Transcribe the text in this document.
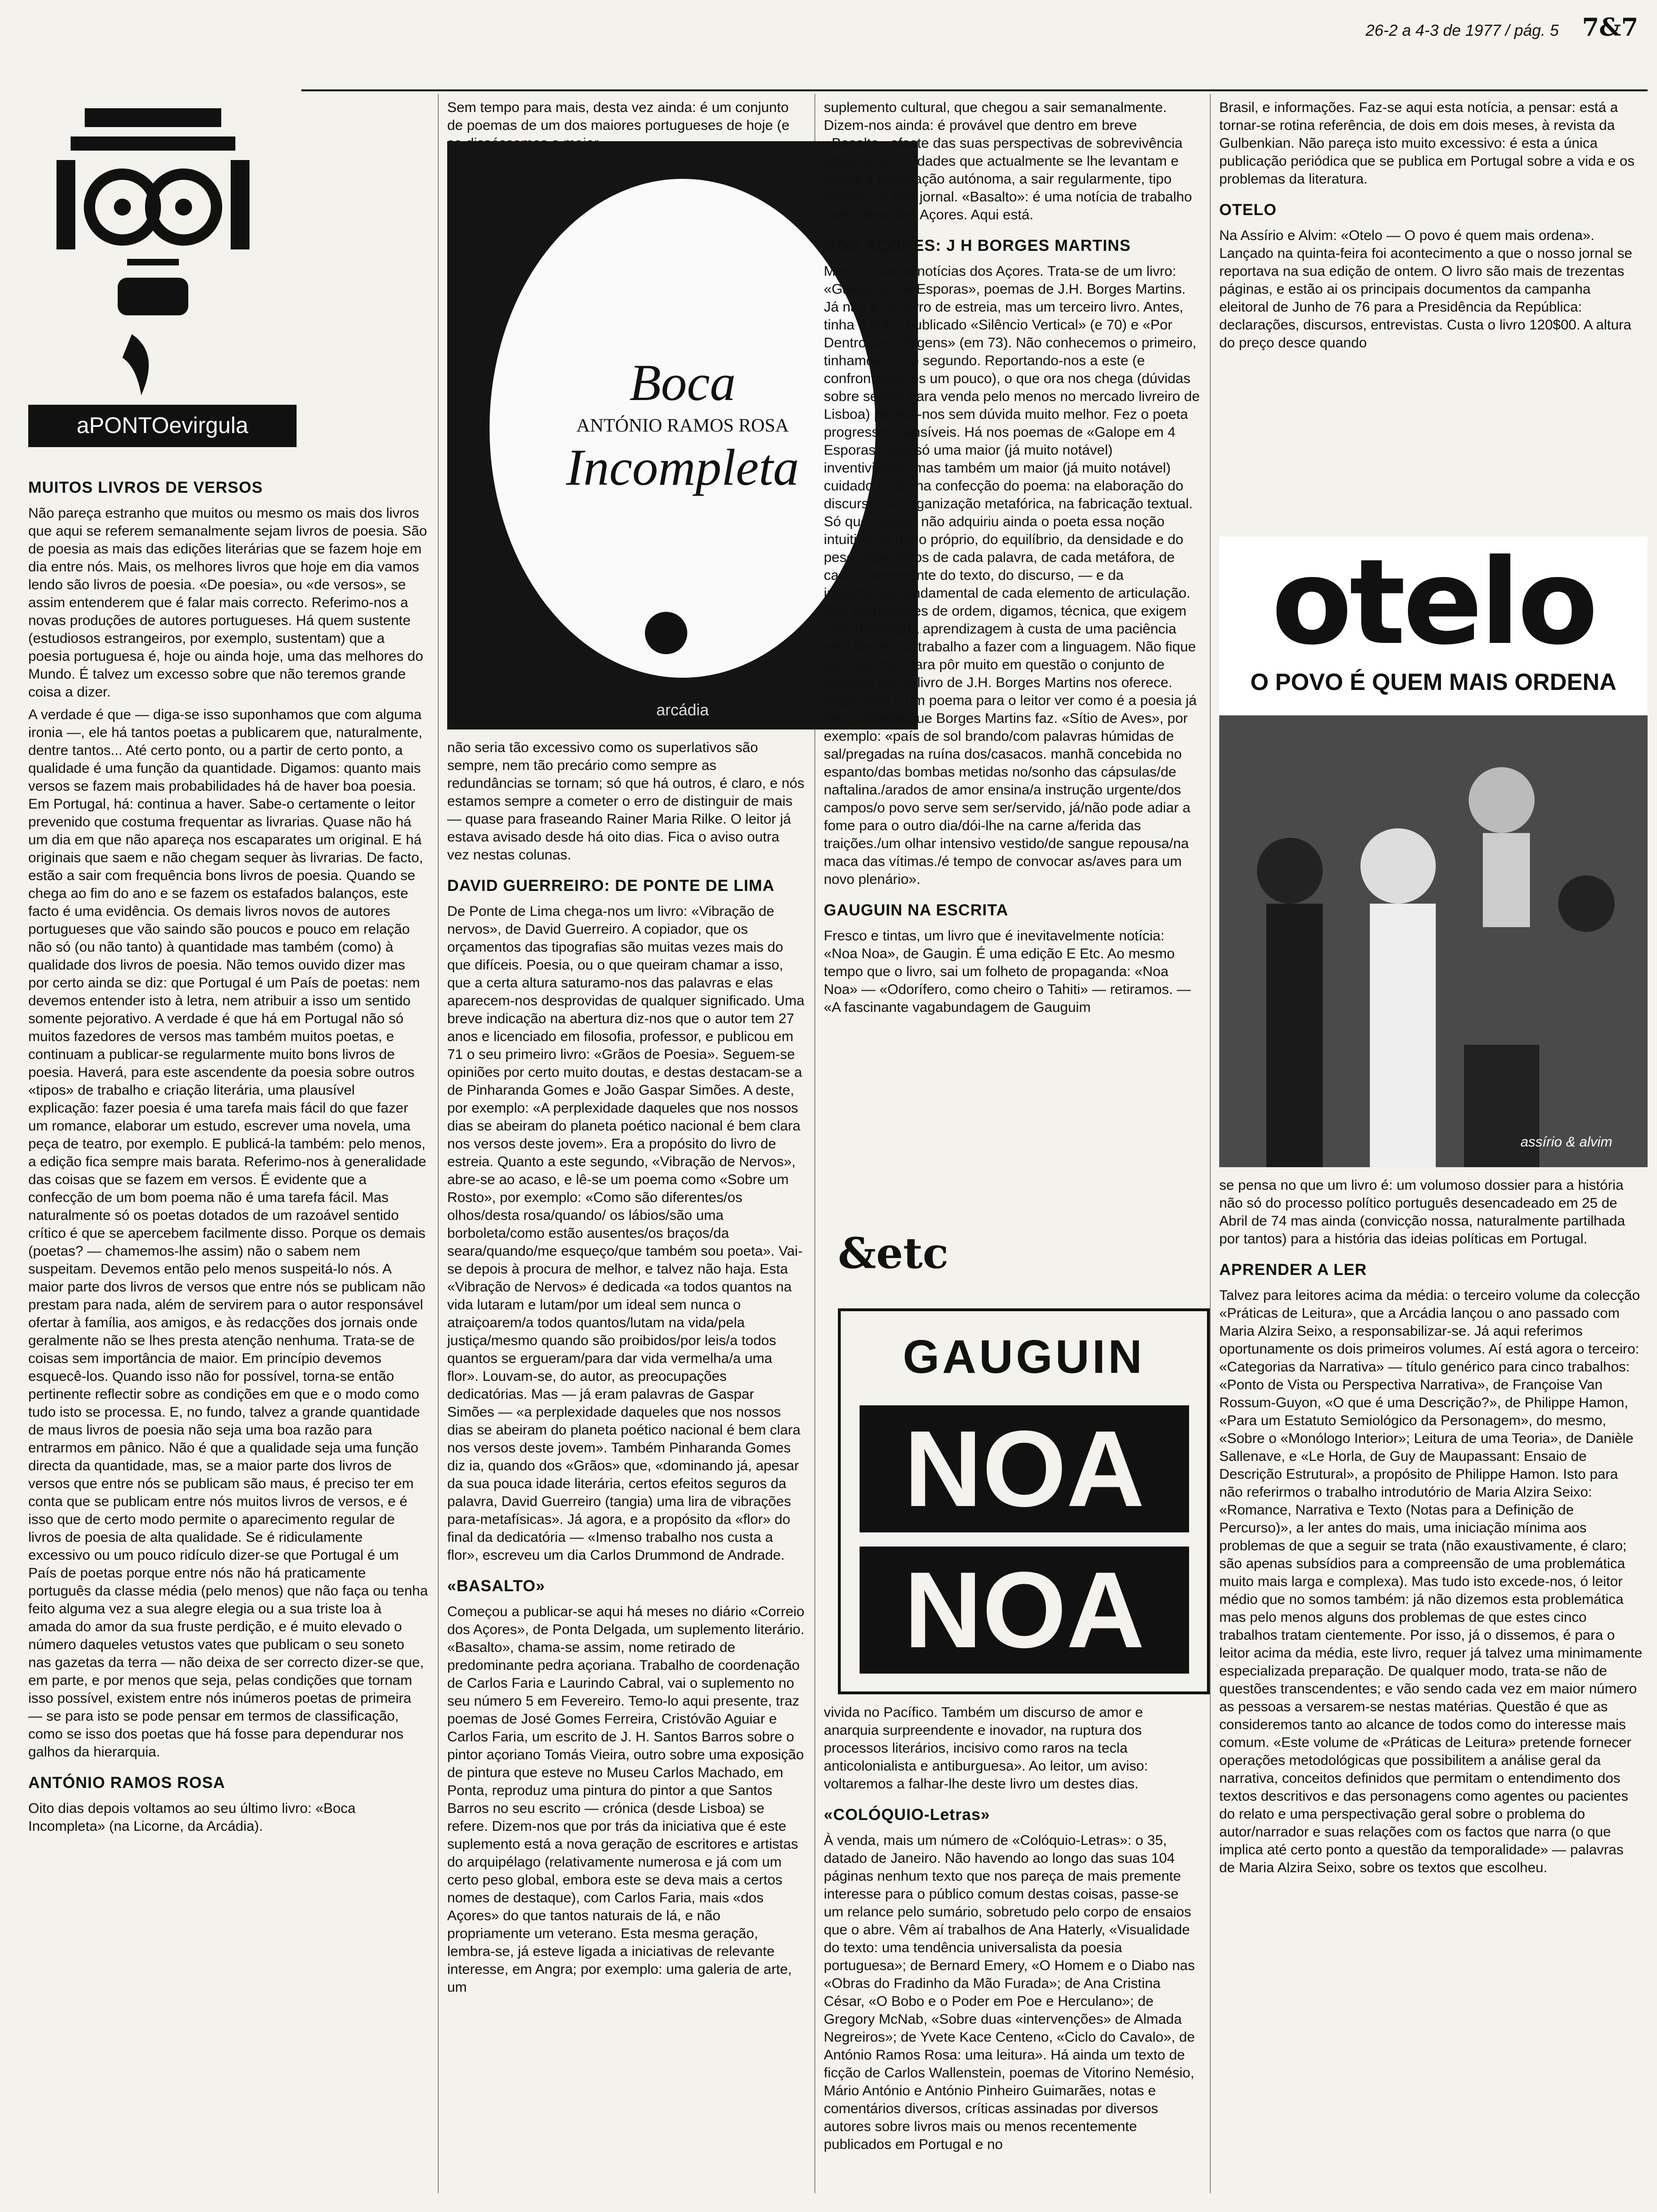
26-2 a 4-3 de 1977 / pág. 5 7&7
aPONTOevirgula
MUITOS LIVROS DE VERSOS

Não pareça estranho que muitos ou mesmo os mais dos livros que aqui se referem semanalmente sejam livros de poesia. São de poesia as mais das edições literárias que se fazem hoje em dia entre nós. Mais, os melhores livros que hoje em dia vamos lendo são livros de poesia. «De poesia», ou «de versos», se assim entenderem que é falar mais correcto. Referimo-nos a novas produções de autores portugueses. Há quem sustente (estudiosos estrangeiros, por exemplo, sustentam) que a poesia portuguesa é, hoje ou ainda hoje, uma das melhores do Mundo. É talvez um excesso sobre que não teremos grande coisa a dizer.

A verdade é que — diga-se isso suponhamos que com alguma ironia —, ele há tantos poetas a publicarem que, naturalmente, dentre tantos... Até certo ponto, ou a partir de certo ponto, a qualidade é uma função da quantidade. Digamos: quanto mais versos se fazem mais probabilidades há de haver boa poesia. Em Portugal, há: continua a haver. Sabe-o certamente o leitor prevenido que costuma frequentar as livrarias. Quase não há um dia em que não apareça nos escaparates um original. E há originais que saem e não chegam sequer às livrarias. De facto, estão a sair com frequência bons livros de poesia. Quando se chega ao fim do ano e se fazem os estafados balanços, este facto é uma evidência. Os demais livros novos de autores portugueses que vão saindo são poucos e pouco em relação não só (ou não tanto) à quantidade mas também (como) à qualidade dos livros de poesia. Não temos ouvido dizer mas por certo ainda se diz: que Portugal é um País de poetas: nem devemos entender isto à letra, nem atribuir a isso um sentido somente pejorativo. A verdade é que há em Portugal não só muitos fazedores de versos mas também muitos poetas, e continuam a publicar-se regularmente muito bons livros de poesia. Haverá, para este ascendente da poesia sobre outros «tipos» de trabalho e criação literária, uma plausível explicação: fazer poesia é uma tarefa mais fácil do que fazer um romance, elaborar um estudo, escrever uma novela, uma peça de teatro, por exemplo. E publicá-la também: pelo menos, a edição fica sempre mais barata. Referimo-nos à generalidade das coisas que se fazem em versos. É evidente que a confecção de um bom poema não é uma tarefa fácil. Mas naturalmente só os poetas dotados de um razoável sentido crítico é que se apercebem facilmente disso. Porque os demais (poetas? — chamemos-lhe assim) não o sabem nem suspeitam. Devemos então pelo menos suspeitá-lo nós. A maior parte dos livros de versos que entre nós se publicam não prestam para nada, além de servirem para o autor responsável ofertar à família, aos amigos, e às redacções dos jornais onde geralmente não se lhes presta atenção nenhuma. Trata-se de coisas sem importância de maior. Em princípio devemos esquecê-los. Quando isso não for possível, torna-se então pertinente reflectir sobre as condições em que e o modo como tudo isto se processa. E, no fundo, talvez a grande quantidade de maus livros de poesia não seja uma boa razão para entrarmos em pânico. Não é que a qualidade seja uma função directa da quantidade, mas, se a maior parte dos livros de versos que entre nós se publicam são maus, é preciso ter em conta que se publicam entre nós muitos livros de versos, e é isso que de certo modo permite o aparecimento regular de livros de poesia de alta qualidade. Se é ridiculamente excessivo ou um pouco ridículo dizer-se que Portugal é um País de poetas porque entre nós não há praticamente português da classe média (pelo menos) que não faça ou tenha feito alguma vez a sua alegre elegia ou a sua triste loa à amada do amor da sua fruste perdição, e é muito elevado o número daqueles vetustos vates que publicam o seu soneto nas gazetas da terra — não deixa de ser correcto dizer-se que, em parte, e por menos que seja, pelas condições que tornam isso possível, existem entre nós inúmeros poetas de primeira — se para isto se pode pensar em termos de classificação, como se isso dos poetas que há fosse para dependurar nos galhos da hierarquia.

ANTÓNIO RAMOS ROSA

Oito dias depois voltamos ao seu último livro: «Boca Incompleta» (na Licorne, da Arcádia).

Sem tempo para mais, desta vez ainda: é um conjunto de poemas de um dos maiores portugueses de hoje (e

Boca
ANTÓNIO RAMOS ROSA
Incompleta
arcádia

não seria tão excessivo como os superlativos são sempre, nem tão precário como sempre as redundâncias se tornam; só que há outros, é claro, e nós estamos sempre a cometer o erro de distinguir de mais — quase para fraseando Rainer Maria Rilke. O leitor já estava avisado desde há oito dias. Fica o aviso outra vez nestas colunas.

DAVID GUERREIRO: DE PONTE DE LIMA

De Ponte de Lima chega-nos um livro: «Vibração de nervos», de David Guerreiro. A copiador, que os orçamentos das tipografias são muitas vezes mais do que difíceis. Poesia, ou o que queiram chamar a isso, que a certa altura saturamo-nos das palavras e elas aparecem-nos desprovidas de qualquer significado. Uma breve indicação na abertura diz-nos que o autor tem 27 anos e licenciado em filosofia, professor, e publicou em 71 o seu primeiro livro: «Grãos de Poesia». Seguem-se opiniões por certo muito doutas, e destas destacam-se a de Pinharanda Gomes e João Gaspar Simões. A deste, por exemplo: «A perplexidade daqueles que nos nossos dias se abeiram do planeta poético nacional é bem clara nos versos deste jovem». Era a propósito do livro de estreia. Quanto a este segundo, «Vibração de Nervos», abre-se ao acaso, e lê-se um poema como «Sobre um Rosto», por exemplo: «Como são diferentes/os olhos/desta rosa/quando/ os lábios/são uma borboleta/como estão ausentes/os braços/da seara/quando/me esqueço/que também sou poeta». Vai-se depois à procura de melhor, e talvez não haja. Esta «Vibração de Nervos» é dedicada «a todos quantos na vida lutaram e lutam/por um ideal sem nunca o atraiçoarem/a todos quantos/lutam na vida/pela justiça/mesmo quando são proibidos/por leis/a todos quantos se ergueram/para dar vida vermelha/a uma flor». Louvam-se, do autor, as preocupações dedicatórias. Mas — já eram palavras de Gaspar Simões — «a perplexidade daqueles que nos nossos dias se abeiram do planeta poético nacional é bem clara nos versos deste jovem». Também Pinharanda Gomes diz ia, quando dos «Grãos» que, «dominando já, apesar da sua pouca idade literária, certos efeitos seguros da palavra, David Guerreiro (tangia) uma lira de vibrações para-metafísicas». Já agora, e a propósito da «flor» do final da dedicatória — «Imenso trabalho nos custa a flor», escreveu um dia Carlos Drummond de Andrade.

«BASALTO»

Começou a publicar-se aqui há meses no diário «Correio dos Açores», de Ponta Delgada, um suplemento literário. «Basalto», chama-se assim, nome retirado de predominante pedra açoriana. Trabalho de coordenação de Carlos Faria e Laurindo Cabral, vai o suplemento no seu número 5 em Fevereiro. Temo-lo aqui presente, traz poemas de José Gomes Ferreira, Cristóvão Aguiar e Carlos Faria, um escrito de J. H. Santos Barros sobre o pintor açoriano Tomás Vieira, outro sobre uma exposição de pintura que esteve no Museu Carlos Machado, em Ponta, reproduz uma pintura do pintor a que Santos Barros no seu escrito — crónica (desde Lisboa) se refere. Dizem-nos que por trás da iniciativa que é este suplemento está a nova geração de escritores e artistas do arquipélago (relativamente numerosa e já com um certo peso global, embora este se deva mais a certos nomes de destaque), com Carlos Faria, mais «dos Açores» do que tantos naturais de lá, e não propriamente um veterano. Esta mesma geração, lembra-se, já esteve ligada a iniciativas de relevante interesse, em Angra; por exemplo: uma galeria de arte, um

suplemento cultural, que chegou a sair semanalmente. Dizem-nos ainda: é provável que dentro em breve «Basalto» afaste das suas perspectivas de sobrevivência algumas dificuldades que actualmente se lhe levantam e passe a publicação autónoma, a sair regularmente, tipo revista, ou tipo jornal. «Basalto»: é uma notícia de trabalho que chega dos Açores. Aqui está.

DOS AÇORES: J H BORGES MARTINS

Mas há outras notícias dos Açores. Trata-se de um livro: «Galope em 4 Esporas», poemas de J.H. Borges Martins. Já não é um livro de estreia, mas um terceiro livro. Antes, tinha o autor publicado «Silêncio Vertical» (e 70) e «Por Dentro das Viagens» (em 73). Não conhecemos o primeiro, tinhamos lido o segundo. Reportando-nos a este (e confrontando-os um pouco), o que ora nos chega (dúvidas sobre se virá para venda pelo menos no mercado livreiro de Lisboa) parece-nos sem dúvida muito melhor. Fez o poeta progressos sensíveis. Há nos poemas de «Galope em 4 Esporas» não só uma maior (já muito notável) inventividade, mas também um maior (já muito notável) cuidado posto na confecção do poema: na elaboração do discurso, na organização metafórica, na fabricação textual. Só que, talvez, não adquiriu ainda o poeta essa noção intuitiva do ritmo próprio, do equilíbrio, da densidade e do peso específicos de cada palavra, de cada metáfora, de cada componente do texto, do discurso, — e da importância fundamental de cada elemento de articulação. São pormenores de ordem, digamos, técnica, que exigem uma demorada aprendizagem à custa de uma paciência sem limites no trabalho a fazer com a linguagem. Não fique isto aqui dito para pôr muito em questão o conjunto de poemas que o livro de J.H. Borges Martins nos oferece. Fique aqui é um poema para o leitor ver como é a poesia já de qualidade que Borges Martins faz. «Sítio de Aves», por exemplo: «país de sol brando/com palavras húmidas de sal/pregadas na ruína dos/casacos. manhã concebida no espanto/das bombas metidas no/sonho das cápsulas/de naftalina./arados de amor ensina/a instrução urgente/dos campos/o povo serve sem ser/servido, já/não pode adiar a fome para o outro dia/dói-lhe na carne a/ferida das traições./um olhar intensivo vestido/de sangue repousa/na maca das vítimas./é tempo de convocar as/aves para um novo plenário».

GAUGUIN NA ESCRITA

Fresco e tintas, um livro que é inevitavelmente notícia: «Noa Noa», de Gaugin. É uma edição E Etc. Ao mesmo tempo que o livro, sai um folheto de propaganda: «Noa Noa» — «Odorífero, como cheiro o Tahiti» — retiramos. — «A fascinante vagabundagem de Gauguim

&etc
GAUGUIN
NOA
NOA

vivida no Pacífico. Também um discurso de amor e anarquia surpreendente e inovador, na ruptura dos processos literários, incisivo como raros na tecla anticolonialista e antiburguesa». Ao leitor, um aviso: voltaremos a falhar-lhe deste livro um destes dias.

«COLÓQUIO-Letras»

À venda, mais um número de «Colóquio-Letras»: o 35, datado de Janeiro. Não havendo ao longo das suas 104 páginas nenhum texto que nos pareça de mais premente interesse para o público comum destas coisas, passe-se um relance pelo sumário, sobretudo pelo corpo de ensaios que o abre. Vêm aí trabalhos de Ana Haterly, «Visualidade do texto: uma tendência universalista da poesia portuguesa»; de Bernard Emery, «O Homem e o Diabo nas «Obras do Fradinho da Mão Furada»; de Ana Cristina César, «O Bobo e o Poder em Poe e Herculano»; de Gregory McNab, «Sobre duas «intervenções» de Almada Negreiros»; de Yvete Kace Centeno, «Ciclo do Cavalo», de António Ramos Rosa: uma leitura». Há ainda um texto de ficção de Carlos Wallenstein, poemas de Vitorino Nemésio, Mário António e António Pinheiro Guimarães, notas e comentários diversos, críticas assinadas por diversos autores sobre livros mais ou menos recentemente publicados em Portugal e no

Brasil, e informações. Faz-se aqui esta notícia, a pensar: está a tornar-se rotina referência, de dois em dois meses, à revista da Gulbenkian. Não pareça isto muito excessivo: é esta a única publicação periódica que se publica em Portugal sobre a vida e os problemas da literatura.

OTELO

Na Assírio e Alvim: «Otelo — O povo é quem mais ordena». Lançado na quinta-feira foi acontecimento a que o nosso jornal se reportava na sua edição de ontem. O livro são mais de trezentas páginas, e estão ai os principais documentos da campanha eleitoral de Junho de 76 para a Presidência da República: declarações, discursos, entrevistas. Custa o livro 120$00. A altura do preço desce quando

otelo
O POVO É QUEM MAIS ORDENA
assírio & alvim

se pensa no que um livro é: um volumoso dossier para a história não só do processo político português desencadeado em 25 de Abril de 74 mas ainda (convicção nossa, naturalmente partilhada por tantos) para a história das ideias políticas em Portugal.

APRENDER A LER

Talvez para leitores acima da média: o terceiro volume da colecção «Práticas de Leitura», que a Arcádia lançou o ano passado com Maria Alzira Seixo, a responsabilizar-se. Já aqui referimos oportunamente os dois primeiros volumes. Aí está agora o terceiro: «Categorias da Narrativa» — título genérico para cinco trabalhos: «Ponto de Vista ou Perspectiva Narrativa», de Françoise Van Rossum-Guyon, «O que é uma Descrição?», de Philippe Hamon, «Para um Estatuto Semiológico da Personagem», do mesmo, «Sobre o «Monólogo Interior»; Leitura de uma Teoria», de Danièle Sallenave, e «Le Horla, de Guy de Maupassant: Ensaio de Descrição Estrutural», a propósito de Philippe Hamon. Isto para não referirmos o trabalho introdutório de Maria Alzira Seixo: «Romance, Narrativa e Texto (Notas para a Definição de Percurso)», a ler antes do mais, uma iniciação mínima aos problemas de que a seguir se trata (não exaustivamente, é claro; são apenas subsídios para a compreensão de uma problemática muito mais larga e complexa). Mas tudo isto excede-nos, ó leitor médio que no somos também: já não dizemos esta problemática mas pelo menos alguns dos problemas de que estes cinco trabalhos tratam cientemente. Por isso, já o dissemos, é para o leitor acima da média, este livro, requer já talvez uma minimamente especializada preparação. De qualquer modo, trata-se não de questões transcendentes; e vão sendo cada vez em maior número as pessoas a versarem-se nestas matérias. Questão é que as consideremos tanto ao alcance de todos como do interesse mais comum. «Este volume de «Práticas de Leitura» pretende fornecer operações metodológicas que possibilitem a análise geral da narrativa, conceitos definidos que permitam o entendimento dos textos descritivos e das personagens como agentes ou pacientes do relato e uma perspectivação geral sobre o problema do autor/narrador e suas relações com os factos que narra (o que implica até certo ponto a questão da temporalidade» — palavras de Maria Alzira Seixo, sobre os textos que escolheu.
